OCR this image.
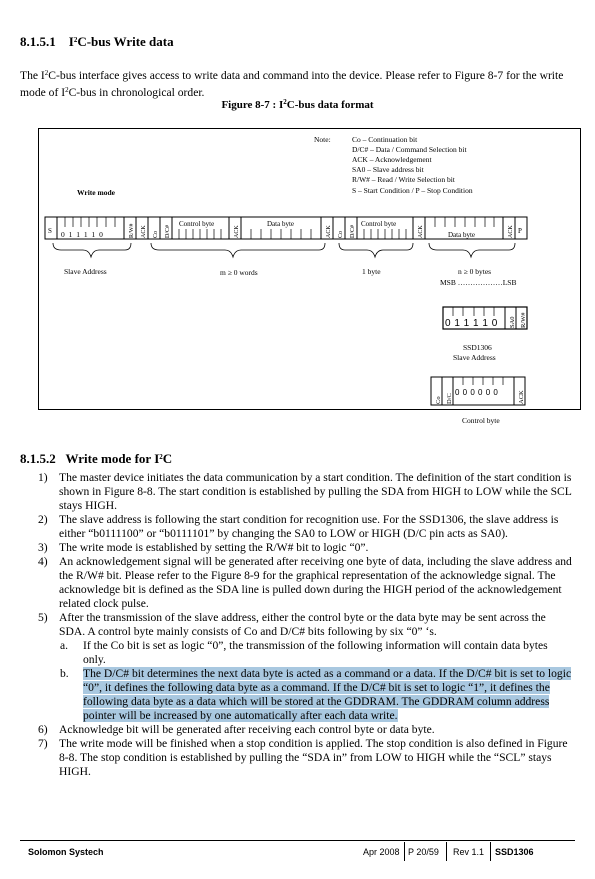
8.1.5.1    $I^2C$-bus Write data
The $I^2C$-bus interface gives access to write data and command into the device. Please refer to Figure 8-7 for the write mode of $I^2C$-bus in chronological order.
Figure 8-7 : $I^2C$-bus data format
Note:	Co – Continuation bit
D/C# – Data / Command Selection bit
ACK – Acknowledgement
SA0 – Slave address bit
R/W# – Read / Write Selection bit
S – Start Condition / P – Stop Condition
Write mode
S 0 1 1 1 1 0	R/W# ACK Co D/C#
Control byte
ACK
Data byte
ACK Co D/C#
Control byte
ACK	Data byte	ACK P
Slave Address	m ≥ 0 words	1 byte	n ≥ 0 bytes
MSB ………………LSB
0 1 1 1 1 0 SA0 R/W#
SSD1306
Slave Address
Co D/C
0 0 0 0 0 0	ACK
Control byte
8.1.5.2   Write mode for $I^2C$
1) The master device initiates the data communication by a start condition. The definition of the start condition is shown in Figure 8-8. The start condition is established by pulling the SDA from HIGH to LOW while the SCL stays HIGH.
2) The slave address is following the start condition for recognition use. For the SSD1306, the slave address is either “b0111100” or “b0111101” by changing the SA0 to LOW or HIGH (D/C pin acts as SA0).
3) The write mode is established by setting the R/W# bit to logic “0”.
4) An acknowledgement signal will be generated after receiving one byte of data, including the slave address and the R/W# bit. Please refer to the Figure 8-9 for the graphical representation of the acknowledge signal. The acknowledge bit is defined as the SDA line is pulled down during the HIGH period of the acknowledgement related clock pulse.
5) After the transmission of the slave address, either the control byte or the data byte may be sent across the SDA. A control byte mainly consists of Co and D/C# bits following by six “0” ‘s.
a. If the Co bit is set as logic “0”, the transmission of the following information will contain data bytes only.
b. The D/C# bit determines the next data byte is acted as a command or a data. If the D/C# bit is set to logic “0”, it defines the following data byte as a command. If the D/C# bit is set to logic “1”, it defines the following data byte as a data which will be stored at the GDDRAM. The GDDRAM column address pointer will be increased by one automatically after each data write.
6) Acknowledge bit will be generated after receiving each control byte or data byte.
7) The write mode will be finished when a stop condition is applied. The stop condition is also defined in Figure 8-8. The stop condition is established by pulling the “SDA in” from LOW to HIGH while the “SCL” stays HIGH.
Solomon Systech	Apr 2008 P 20/59 Rev 1.1 SSD1306
